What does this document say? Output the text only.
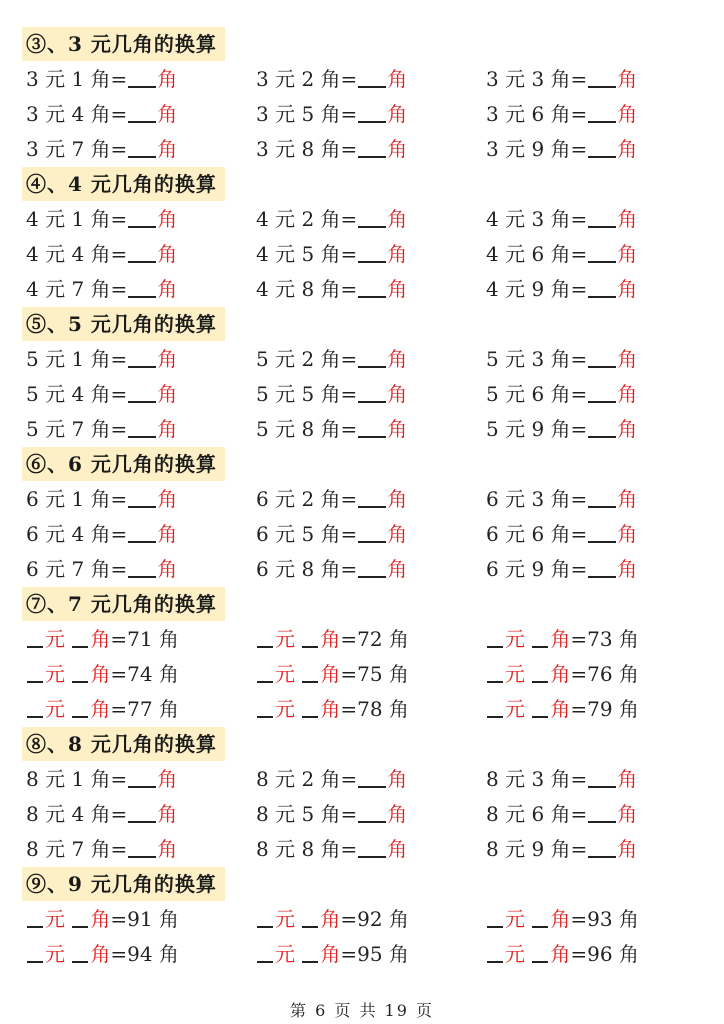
③、3 元几角的换算
3 元 1 角= 角	3 元 2 角= 角	3 元 3 角= 角
3 元 4 角= 角	3 元 5 角= 角	3 元 6 角= 角
3 元 7 角= 角	3 元 8 角= 角	3 元 9 角= 角
④、4 元几角的换算
4 元 1 角= 角	4 元 2 角= 角	4 元 3 角= 角
4 元 4 角= 角	4 元 5 角= 角	4 元 6 角= 角
4 元 7 角= 角	4 元 8 角= 角	4 元 9 角= 角
⑤、5 元几角的换算
5 元 1 角= 角	5 元 2 角= 角	5 元 3 角= 角
5 元 4 角= 角	5 元 5 角= 角	5 元 6 角= 角
5 元 7 角= 角	5 元 8 角= 角	5 元 9 角= 角
⑥、6 元几角的换算
6 元 1 角= 角	6 元 2 角= 角	6 元 3 角= 角
6 元 4 角= 角	6 元 5 角= 角	6 元 6 角= 角
6 元 7 角= 角	6 元 8 角= 角	6 元 9 角= 角
⑦、7 元几角的换算
元 角=71 角	元 角=72 角	元 角=73 角
元 角=74 角	元 角=75 角	元 角=76 角
元 角=77 角	元 角=78 角	元 角=79 角
⑧、8 元几角的换算
8 元 1 角= 角	8 元 2 角= 角	8 元 3 角= 角
8 元 4 角= 角	8 元 5 角= 角	8 元 6 角= 角
8 元 7 角= 角	8 元 8 角= 角	8 元 9 角= 角
⑨、9 元几角的换算
元 角=91 角	元 角=92 角	元 角=93 角
元 角=94 角	元 角=95 角	元 角=96 角
第 6 页 共 19 页
